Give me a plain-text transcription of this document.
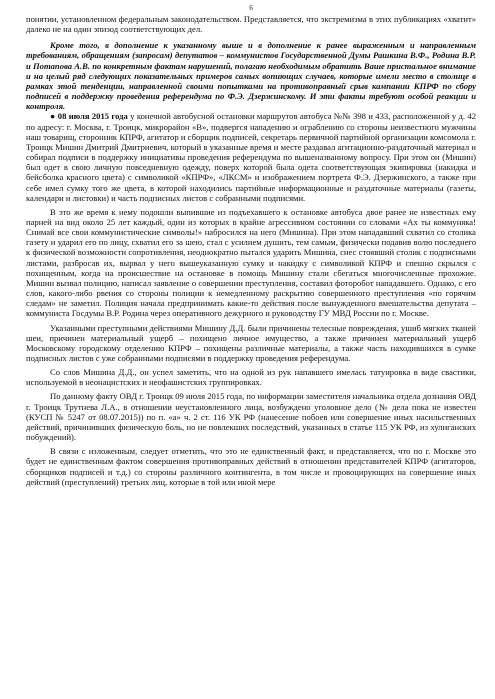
6

понятии, установленном федеральным законодательством. Представляется, что экстремизма в этих публикациях «хватит» далеко не на один эпизод соответствующих дел.

Кроме того, в дополнение к указанному выше и в дополнение к ранее выраженным и направленным требованиям, обращениям (запросам) депутатов – коммунистов Государственной Думы Рашкина В.Ф., Родина В.Р. и Потапова А.В. по конкретным фактам нарушений, полагаю необходимым обратить Ваше пристальное внимание и на целый ряд следующих показательных примеров самых вопиющих случаев, которые имели место в столице в рамках этой тенденции, направленной своими попытками на противоправный срыв кампании КПРФ по сбору подписей в поддержку проведения референдума по Ф.Э. Дзержинскому. И эти факты требуют особой реакции и контроля.

● 08 июля 2015 года у конечной автобусной остановки маршрутов автобуса №№ 398 и 433, расположенной у д. 42 по адресу: г. Москва, г. Троицк, микрорайон «В», подвергся нападению и ограблению со стороны неизвестного мужчины наш товарищ, сторонник КПРФ, агитатор и сборщик подписей, секретарь первичной партийной организации комсомола г. Троицк Мишин Дмитрий Дмитриевич, который в указанные время и месте раздавал агитационно-раздаточный материал и собирал подписи в поддержку инициативы проведения референдума по вышеназванному вопросу. При этом он (Мишин) был одет в свою личную повседневную одежду, поверх которой была одета соответствующая экипировка (накидка и бейсболка красного цвета) с символикой «КПРФ», «ЛКСМ» и изображением портрета Ф.Э. Дзержинского, а также при себе имел сумку того же цвета, в которой находились партийные информационные и раздаточные материалы (газеты, календари и листовки) и часть подписных листов с собранными подписями.

В это же время к нему подошли выпившие из подъехавшего к остановке автобуса двое ранее не известных ему парней на вид около 25 лет каждый, один из которых в крайне агрессивном состоянии со словами «Ах ты коммуняка! Снимай все свои коммунистические символы!» набросился на него (Мишина). При этом нападавший схватил со столика газету и ударил его по лицу, схватил его за шею, стал с усилием душить, тем самым, физически подавив волю последнего к физической возможности сопротивления, неоднократно пытался ударить Мишина, снес стоявший столик с подписными листами, разбросав их, вырвал у него вышеуказанную сумку и накидку с символикой КПРФ и спешно скрылся с похищенным, когда на происшествие на остановке в помощь Мишину стали сбегаться многочисленные прохожие. Мишин вызвал полицию, написал заявление о совершении преступления, составил фоторобот нападавшего. Однако, с его слов, какого-либо рвения со стороны полиции к немедленному раскрытию совершенного преступления «по горячим следам» не заметил. Полиция начала предпринимать какие-то действия после вынужденного вмешательства депутата – коммуниста Госдумы В.Р. Родина через оперативного дежурного и руководству ГУ МВД России по г. Москве.

Указанными преступными действиями Мишину Д.Д. были причинены телесные повреждения, ушиб мягких тканей шеи, причинен материальный ущерб – похищено личное имущество, а также причинен материальный ущерб Московскому городскому отделению КПРФ – похищены различные материалы, а также часть находившихся в сумке подписных листов с уже собранными подписями в поддержку проведения референдума.

Со слов Мишина Д.Д., он успел заметить, что на одной из рук напавшего имелась татуировка в виде свастики, используемой в неонацистских и неофашистских группировках.

По данному факту ОВД г. Троицк 09 июля 2015 года, по информации заместителя начальника отдела дознания ОВД г. Троицк Трутнева Л.А., в отношении неустановленного лица, возбуждено уголовное дело (№ дела пока не известен (КУСП № 5247 от 08.07.2015)) по п. «а» ч. 2 ст. 116 УК РФ (нанесение побоев или совершение иных насильственных действий, причинивших физическую боль, но не повлекших последствий, указанных в статье 115 УК РФ, из хулиганских побуждений).

В связи с изложенным, следует отметить, что это не единственный факт, и представляется, что по г. Москве это будет не единственным фактом совершения противоправных действий в отношении представителей КПРФ (агитаторов, сборщиков подписей и т.д.) со стороны различного контингента, в том числе и провоцирующих на совершение иных действий (преступлений) третьих лиц, которые в той или иной мере
